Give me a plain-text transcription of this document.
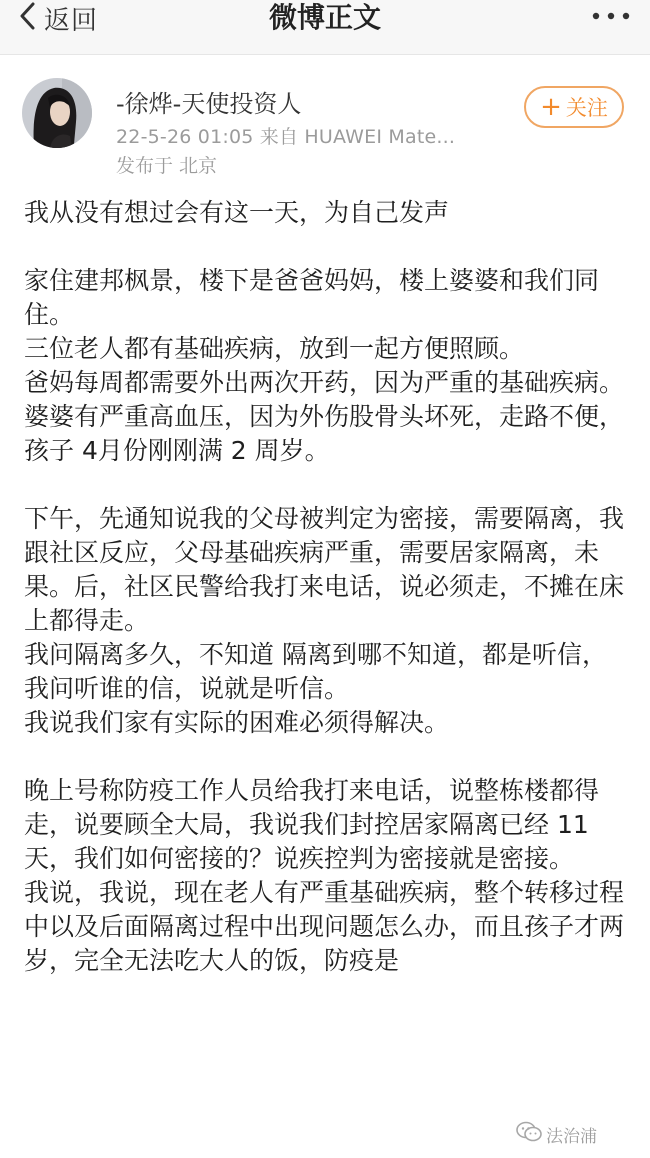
返回	微博正文
-徐烨-天使投资人
22-5-26 01:05 来自 HUAWEI Mate...
发布于 北京
+ 关注

我从没有想过会有这一天，为自己发声

家住建邦枫景，楼下是爸爸妈妈，楼上婆婆和我们同住。
三位老人都有基础疾病，放到一起方便照顾。
爸妈每周都需要外出两次开药，因为严重的基础疾病。婆婆有严重高血压，因为外伤股骨头坏死，走路不便，孩子 4月份刚刚满 2 周岁。

下午，先通知说我的父母被判定为密接，需要隔离，我跟社区反应，父母基础疾病严重，需要居家隔离，未果。后，社区民警给我打来电话，说必须走，不摊在床上都得走。
我问隔离多久，不知道 隔离到哪不知道，都是听信，我问听谁的信，说就是听信。
我说我们家有实际的困难必须得解决。

晚上号称防疫工作人员给我打来电话，说整栋楼都得走，说要顾全大局，我说我们封控居家隔离已经 11天，我们如何密接的？说疾控判为密接就是密接。
我说，我说，现在老人有严重基础疾病，整个转移过程中以及后面隔离过程中出现问题怎么办，而且孩子才两岁，完全无法吃大人的饭，防疫是

法治浦
